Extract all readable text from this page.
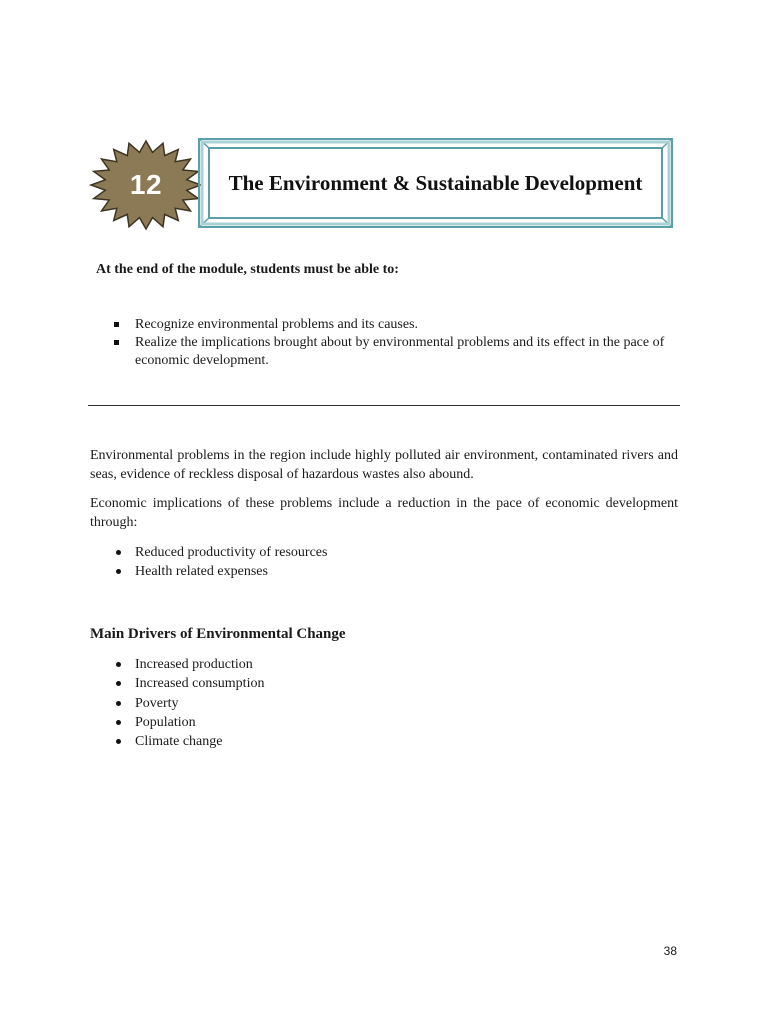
12	The Environment & Sustainable Development
At the end of the module, students must be able to:
Recognize environmental problems and its causes.
Realize the implications brought about by environmental problems and its effect in the pace of economic development.

Environmental problems in the region include highly polluted air environment, contaminated rivers and seas, evidence of reckless disposal of hazardous wastes also abound.

Economic implications of these problems include a reduction in the pace of economic development through:

Reduced productivity of resources
Health related expenses
Main Drivers of Environmental Change
Increased production
Increased consumption
Poverty
Population
Climate change
38
